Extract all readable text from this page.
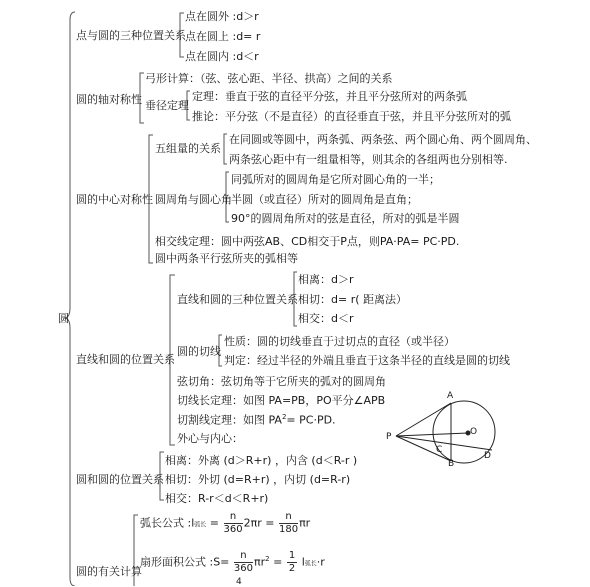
圆
点与圆的三种位置关系
点在圆外 :d＞r
点在圆上 :d= r
点在圆内 :d＜r
圆的轴对称性
弓形计算：（弦、弦心距、半径、拱高）之间的关系
垂径定理
定理：垂直于弦的直径平分弦，并且平分弦所对的两条弧
推论：平分弦（不是直径）的直径垂直于弦，并且平分弦所对的弧
圆的中心对称性
五组量的关系
在同圆或等圆中，两条弧、两条弦、两个圆心角、两个圆周角、
两条弦心距中有一组量相等，则其余的各组两也分别相等.
圆周角与圆心角
同弧所对的圆周角是它所对圆心角的一半；
半圆（或直径）所对的圆周角是直角；
90°的圆周角所对的弦是直径，所对的弧是半圆
相交线定理：圆中两弦AB、CD相交于P点，则PA·PA= PC·PD.
圆中两条平行弦所夹的弧相等
直线和圆的位置关系
直线和圆的三种位置关系
相离：d＞r
相切：d= r( 距离法）
相交：d＜r
圆的切线
性质：圆的切线垂直于过切点的直径（或半径）
判定：经过半径的外端且垂直于这条半径的直线是圆的切线
弦切角：弦切角等于它所夹的弧对的圆周角
切线长定理：如图 PA=PB，PO平分∠APB
切割线定理：如图 $PA^2= PC\cdot PD$.
外心与内心：
A
P	O
C
B
D
圆和圆的位置关系
相离：外离 (d＞R+r) ，内含 (d＜R-r )
相切：外切 (d=R+r) ，内切 (d=R-r)
相交：R-r＜d＜R+r)
圆的有关计算
弧长公式 :l弧长 = $\frac{n}{360} 2\pi r = \frac{n}{180}$ πr
扇形面积公式 :S= $\frac{n}{360} \pi r^2 = \frac{1}{2}$ l弧长·r
4
